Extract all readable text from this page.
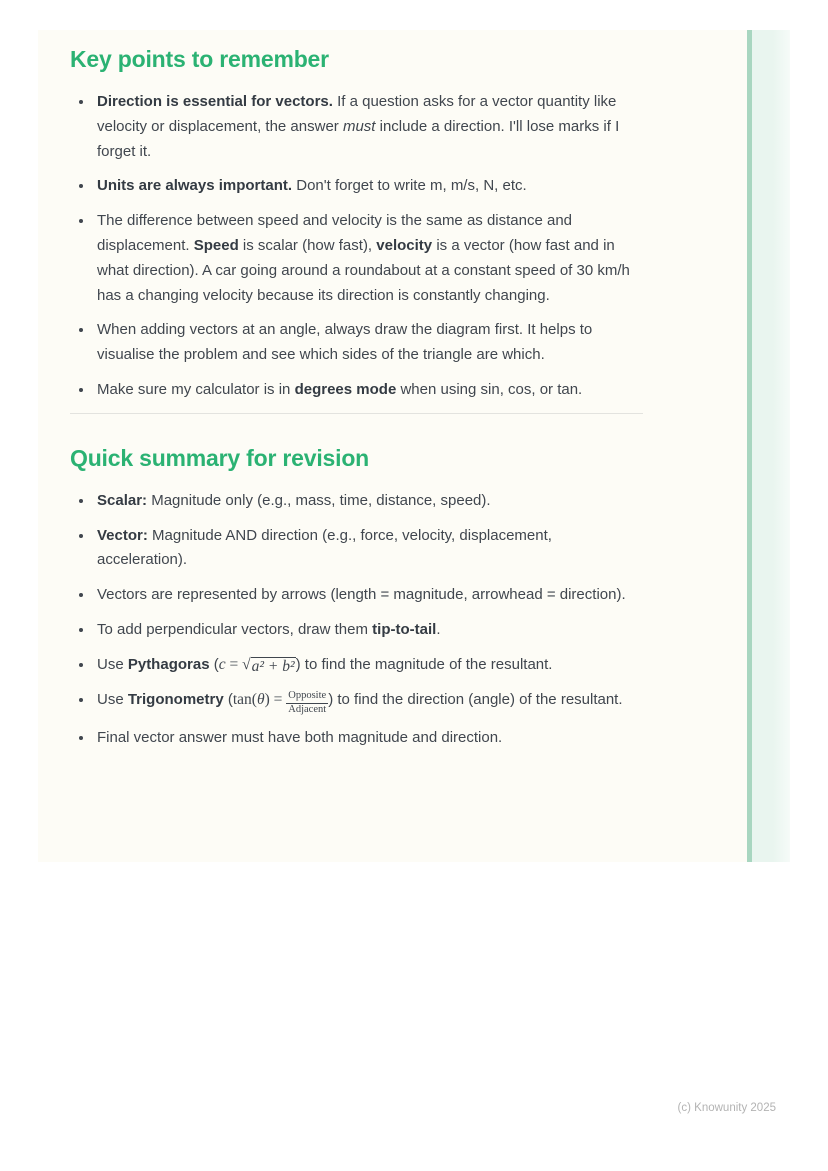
Key points to remember
• Direction is essential for vectors. If a question asks for a vector quantity like velocity or displacement, the answer must include a direction. I'll lose marks if I forget it.
• Units are always important. Don't forget to write m, m/s, N, etc.
• The difference between speed and velocity is the same as distance and displacement. Speed is scalar (how fast), velocity is a vector (how fast and in what direction). A car going around a roundabout at a constant speed of 30 km/h has a changing velocity because its direction is constantly changing.
• When adding vectors at an angle, always draw the diagram first. It helps to visualise the problem and see which sides of the triangle are which.
• Make sure my calculator is in degrees mode when using sin, cos, or tan.
Quick summary for revision
• Scalar: Magnitude only (e.g., mass, time, distance, speed).
• Vector: Magnitude AND direction (e.g., force, velocity, displacement, acceleration).
• Vectors are represented by arrows (length = magnitude, arrowhead = direction).
• To add perpendicular vectors, draw them tip-to-tail.
• Use Pythagoras (c = √a² + b²) to find the magnitude of the resultant.
• Use Trigonometry ($\tan(\theta) = \frac{\text{Opposite}}{\text{Adjacent}}$ ) to find the direction (angle) of the resultant.
• Final vector answer must have both magnitude and direction.
(c) Knowunity 2025
